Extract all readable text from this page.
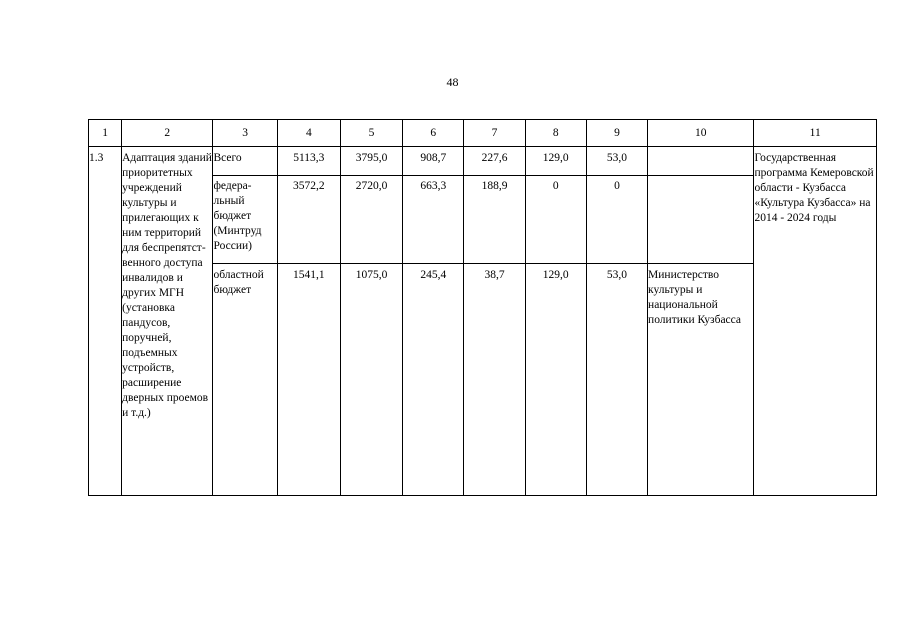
48
1	2	3	4	5	6	7	8	9	10	11
1.3	Адаптация зданий приоритетных учреждений культуры и прилегающих к ним территорий для беспрепятст-венного доступа инвалидов и других МГН (установка пандусов, поручней, подъемных устройств, расширение дверных проемов и т.д.)	Всего	5113,3	3795,0	908,7	227,6	129,0	53,0		Государственная программа Кемеровской области - Кузбасса «Культура Кузбасса» на 2014 - 2024 годы
		федера-льный бюджет (Минтруд России)	3572,2	2720,0	663,3	188,9	0	0		
		областной бюджет	1541,1	1075,0	245,4	38,7	129,0	53,0	Министерство культуры и национальной политики Кузбасса	
